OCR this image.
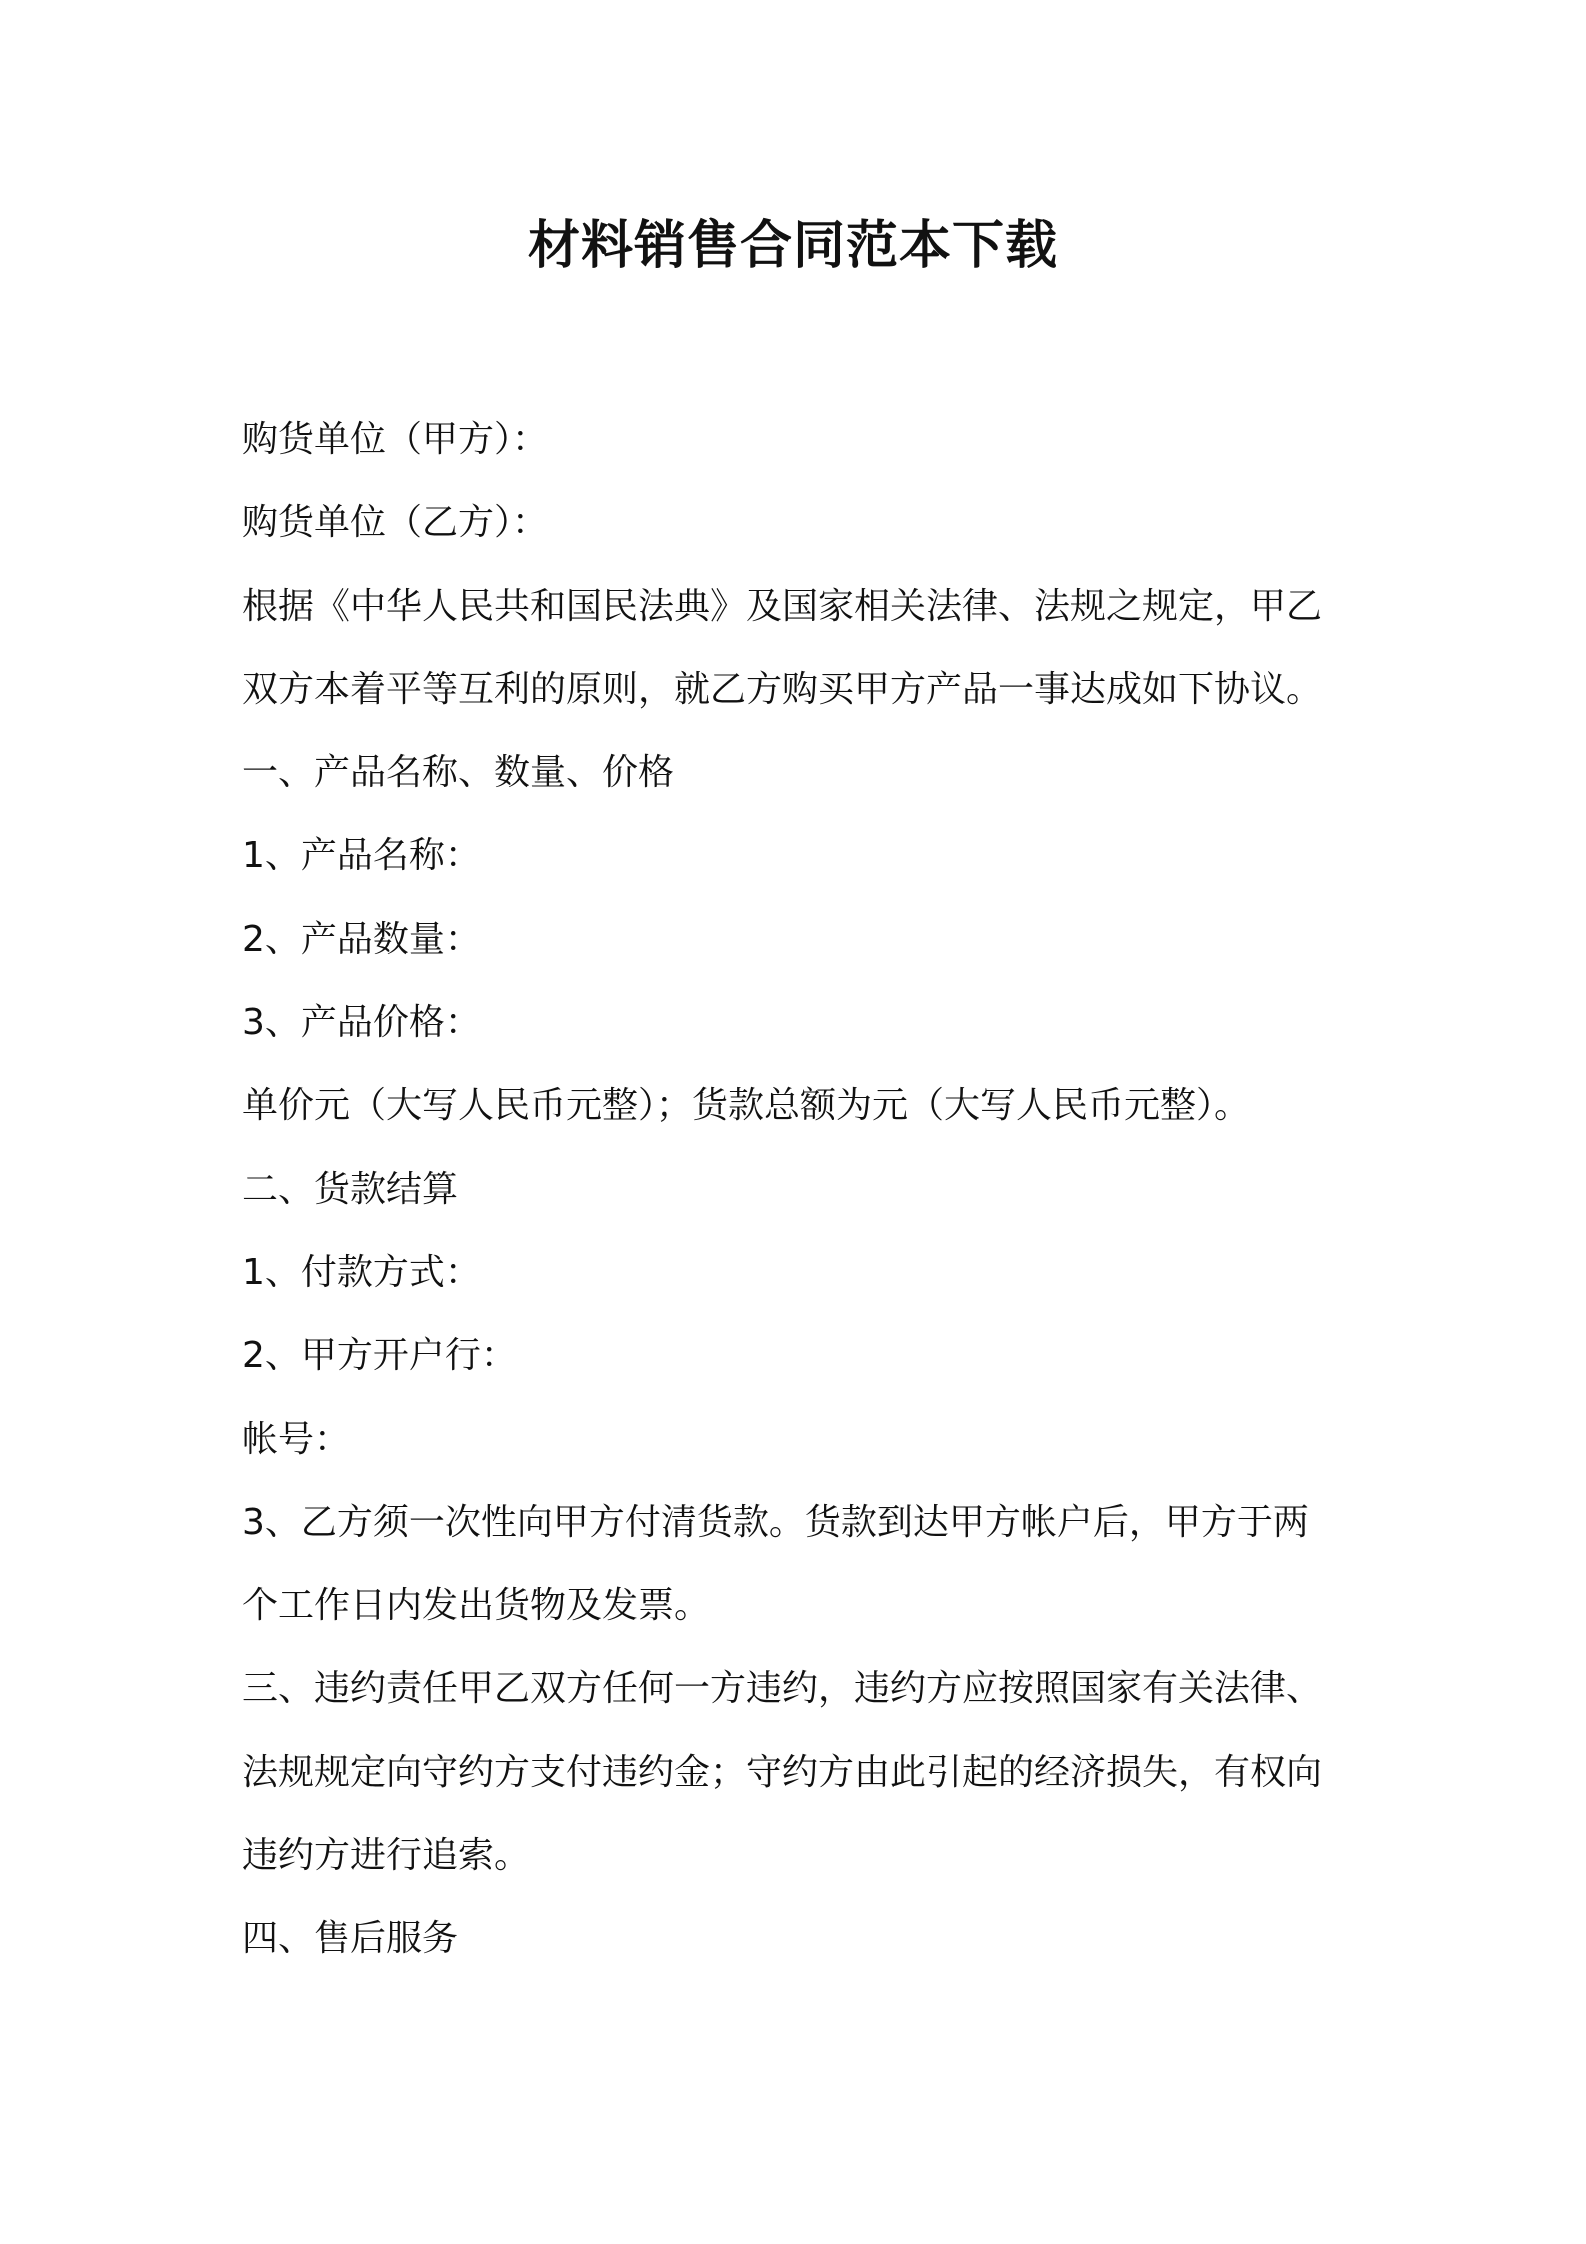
材料销售合同范本下载

购货单位（甲方）：

购货单位（乙方）：

根据《中华人民共和国民法典》及国家相关法律、法规之规定，甲乙

双方本着平等互利的原则，就乙方购买甲方产品一事达成如下协议。

一、产品名称、数量、价格

1、产品名称：

2、产品数量：

3、产品价格：

单价元（大写人民币元整）；货款总额为元（大写人民币元整）。

二、货款结算

1、付款方式：

2、甲方开户行：

帐号：

3、乙方须一次性向甲方付清货款。货款到达甲方帐户后，甲方于两

个工作日内发出货物及发票。

三、违约责任甲乙双方任何一方违约，违约方应按照国家有关法律、

法规规定向守约方支付违约金；守约方由此引起的经济损失，有权向

违约方进行追索。

四、售后服务
